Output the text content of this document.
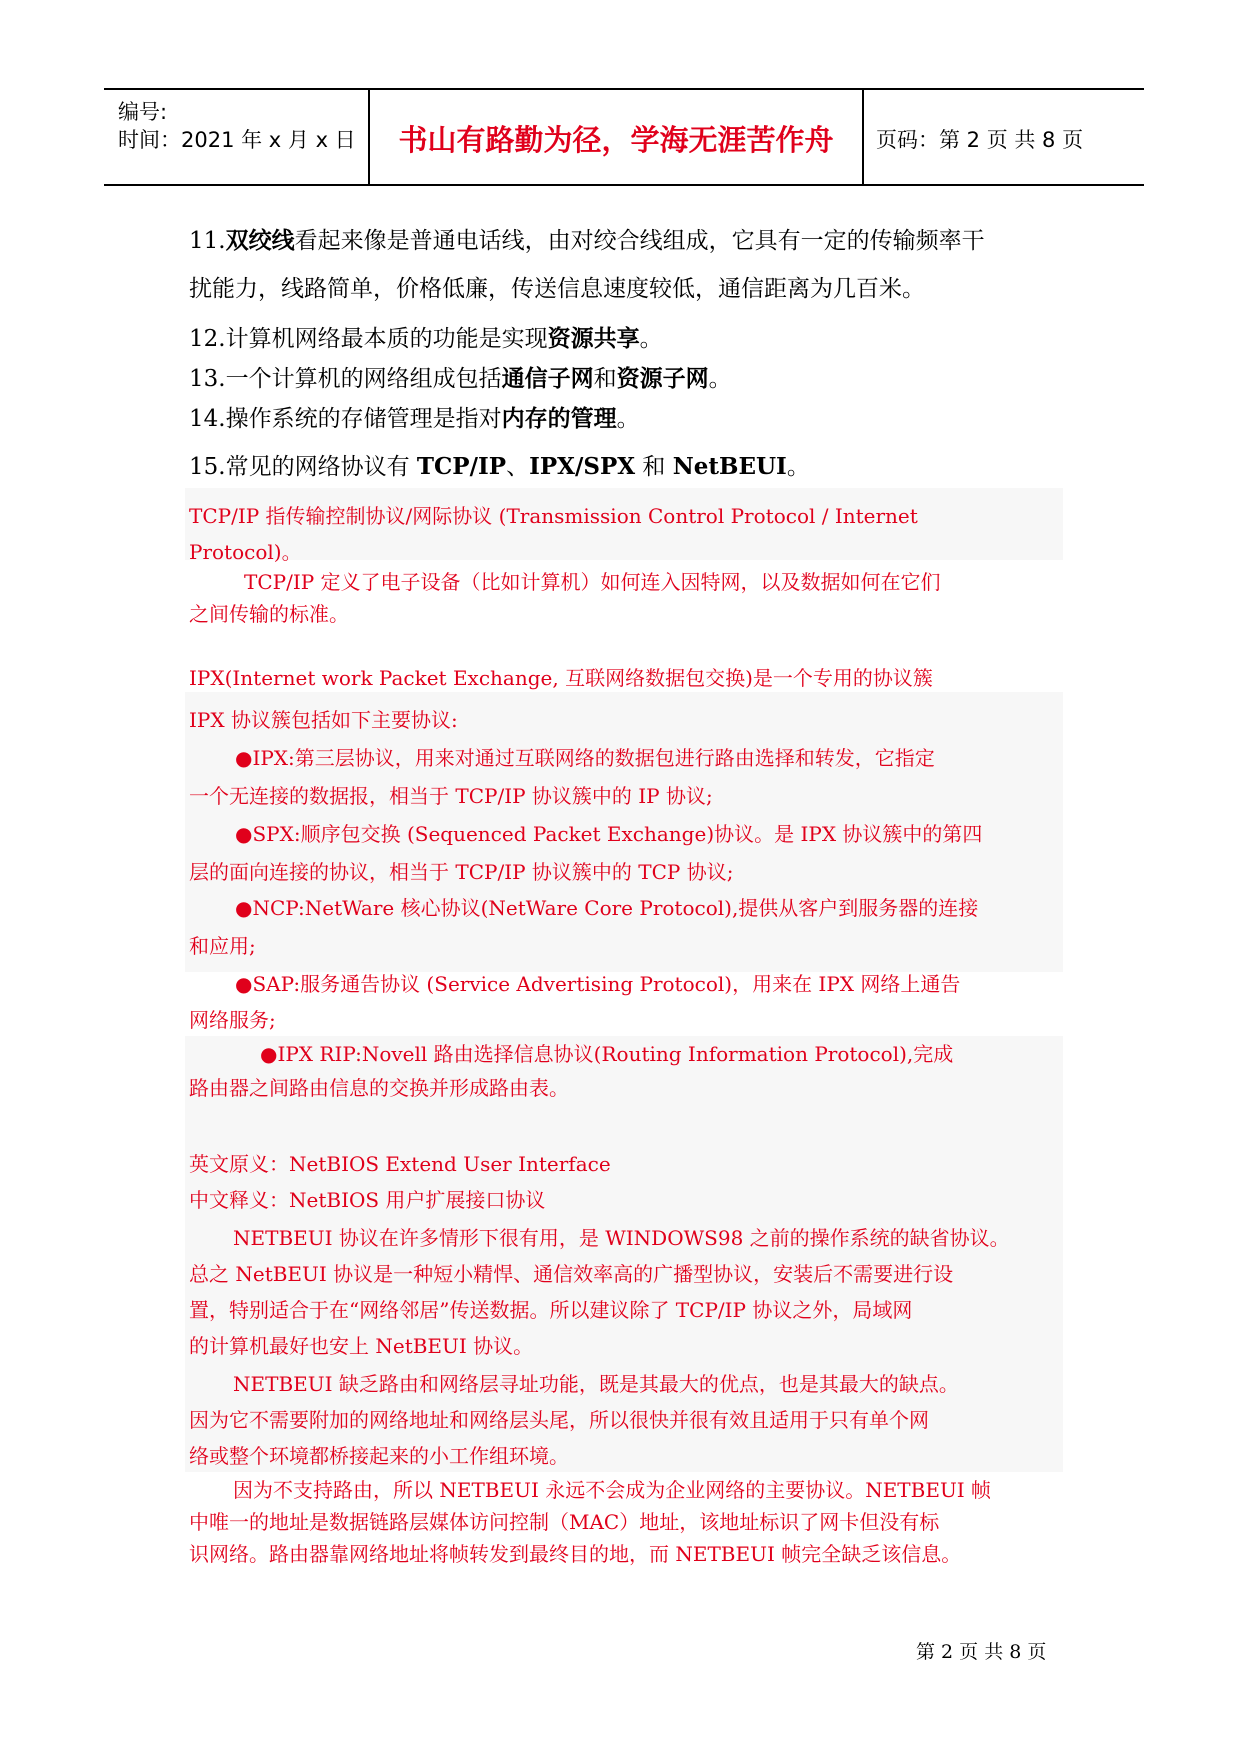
编号:
时间：2021 年 x 月 x 日	书山有路勤为径，学海无涯苦作舟	页码：第 2 页 共 8 页
11.双绞线看起来像是普通电话线，由对绞合线组成，它具有一定的传输频率干
扰能力，线路简单，价格低廉，传送信息速度较低，通信距离为几百米。
12.计算机网络最本质的功能是实现资源共享。
13.一个计算机的网络组成包括通信子网和资源子网。
14.操作系统的存储管理是指对内存的管理。
15.常见的网络协议有 TCP/IP、IPX/SPX 和 NetBEUI。
TCP/IP 指传输控制协议/网际协议 (Transmission Control Protocol / Internet
Protocol)。
TCP/IP 定义了电子设备（比如计算机）如何连入因特网，以及数据如何在它们
之间传输的标准。
IPX(Internet work Packet Exchange, 互联网络数据包交换)是一个专用的协议簇
IPX 协议簇包括如下主要协议:
●IPX:第三层协议，用来对通过互联网络的数据包进行路由选择和转发，它指定
一个无连接的数据报，相当于 TCP/IP 协议簇中的 IP 协议;
●SPX:顺序包交换 (Sequenced Packet Exchange)协议。是 IPX 协议簇中的第四
层的面向连接的协议，相当于 TCP/IP 协议簇中的 TCP 协议;
●NCP:NetWare 核心协议(NetWare Core Protocol),提供从客户到服务器的连接
和应用;
●SAP:服务通告协议 (Service Advertising Protocol)，用来在 IPX 网络上通告
网络服务;
●IPX RIP:Novell 路由选择信息协议(Routing Information Protocol),完成
路由器之间路由信息的交换并形成路由表。
英文原义：NetBIOS Extend User Interface
中文释义：NetBIOS 用户扩展接口协议
NETBEUI 协议在许多情形下很有用，是 WINDOWS98 之前的操作系统的缺省协议。
总之 NetBEUI 协议是一种短小精悍、通信效率高的广播型协议，安装后不需要进行设
置，特别适合于在“网络邻居”传送数据。所以建议除了 TCP/IP 协议之外，局域网
的计算机最好也安上 NetBEUI 协议。
NETBEUI 缺乏路由和网络层寻址功能，既是其最大的优点，也是其最大的缺点。
因为它不需要附加的网络地址和网络层头尾，所以很快并很有效且适用于只有单个网
络或整个环境都桥接起来的小工作组环境。
因为不支持路由，所以 NETBEUI 永远不会成为企业网络的主要协议。NETBEUI 帧
中唯一的地址是数据链路层媒体访问控制（MAC）地址，该地址标识了网卡但没有标
识网络。路由器靠网络地址将帧转发到最终目的地，而 NETBEUI 帧完全缺乏该信息。
第 2 页 共 8 页
